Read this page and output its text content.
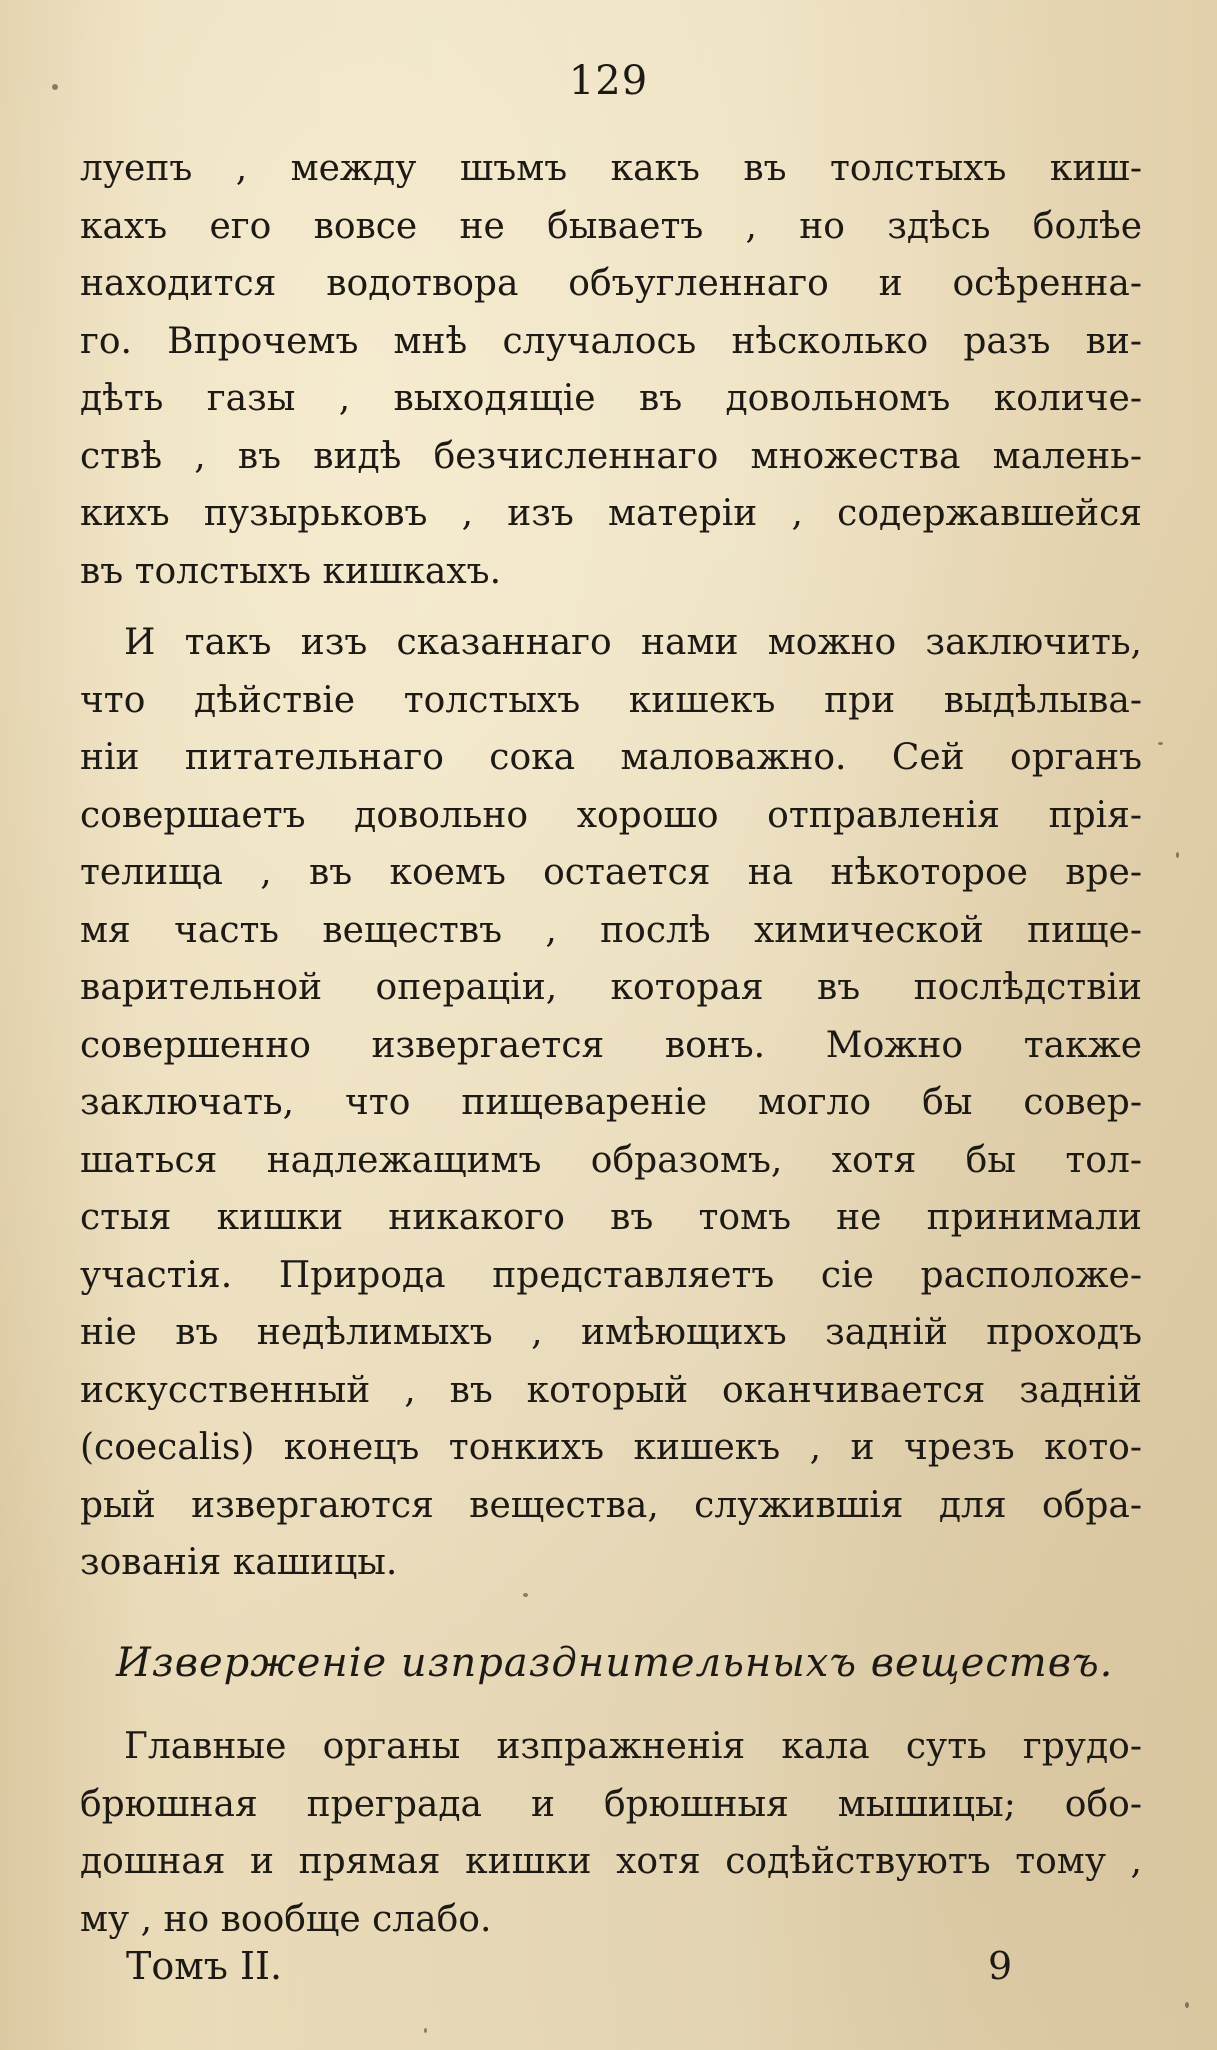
129
луепъ , между шъмъ какъ въ толстыхъ киш-
кахъ его вовсе не бываетъ , но здѣсь болѣе
находится водотвора объугленнаго и осѣренна-
го. Впрочемъ мнѣ случалось нѣсколько разъ ви-
дѣть газы , выходящіе въ довольномъ количе-
ствѣ , въ видѣ безчисленнаго множества малень-
кихъ пузырьковъ , изъ матеріи , содержавшейся
въ толстыхъ кишкахъ.
И такъ изъ сказаннаго нами можно заключить,
что дѣйствіе толстыхъ кишекъ при выдѣлыва-
ніи питательнаго сока маловажно. Сей органъ
совершаетъ довольно хорошо отправленія прія-
телища , въ коемъ остается на нѣкоторое вре-
мя часть веществъ , послѣ химической пище-
варительной операціи, которая въ послѣдствіи
совершенно извергается вонъ. Можно также
заключать, что пищевареніе могло бы совер-
шаться надлежащимъ образомъ, хотя бы тол-
стыя кишки никакого въ томъ не принимали
участія. Природа представляетъ сіе расположе-
ніе въ недѣлимыхъ , имѣющихъ задній проходъ
искусственный , въ который оканчивается задній
(coecalis) конецъ тонкихъ кишекъ , и чрезъ кото-
рый извергаются вещества, служившія для обра-
зованія кашицы.
Изверженіе изпразднительныхъ веществъ.
Главные органы изпражненія кала суть грудо-
брюшная преграда и брюшныя мышицы; обо-
дошная и прямая кишки хотя содѣйствуютъ тому ,
му , но вообще слабо.
Томъ II.	9
